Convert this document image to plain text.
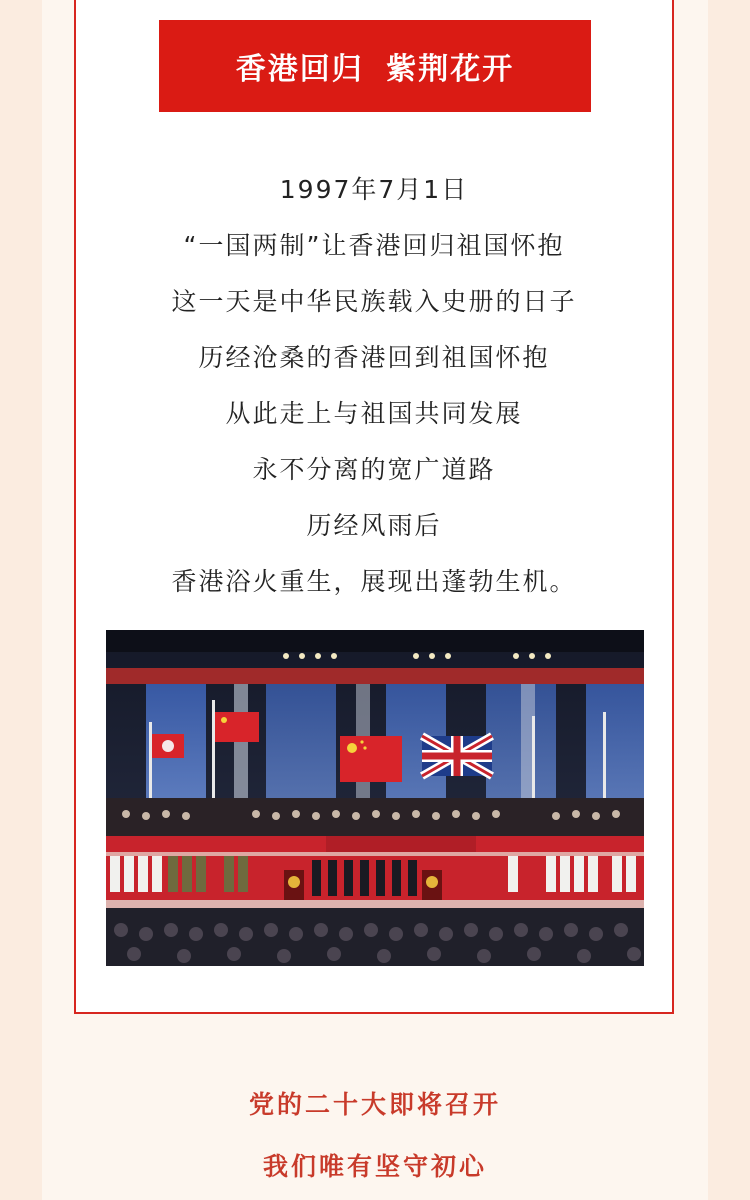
香港回归 紫荆花开
1997年7月1日
“一国两制”让香港回归祖国怀抱
这一天是中华民族载入史册的日子
历经沧桑的香港回到祖国怀抱
从此走上与祖国共同发展
永不分离的宽广道路
历经风雨后
香港浴火重生，展现出蓬勃生机。
党的二十大即将召开
我们唯有坚守初心
